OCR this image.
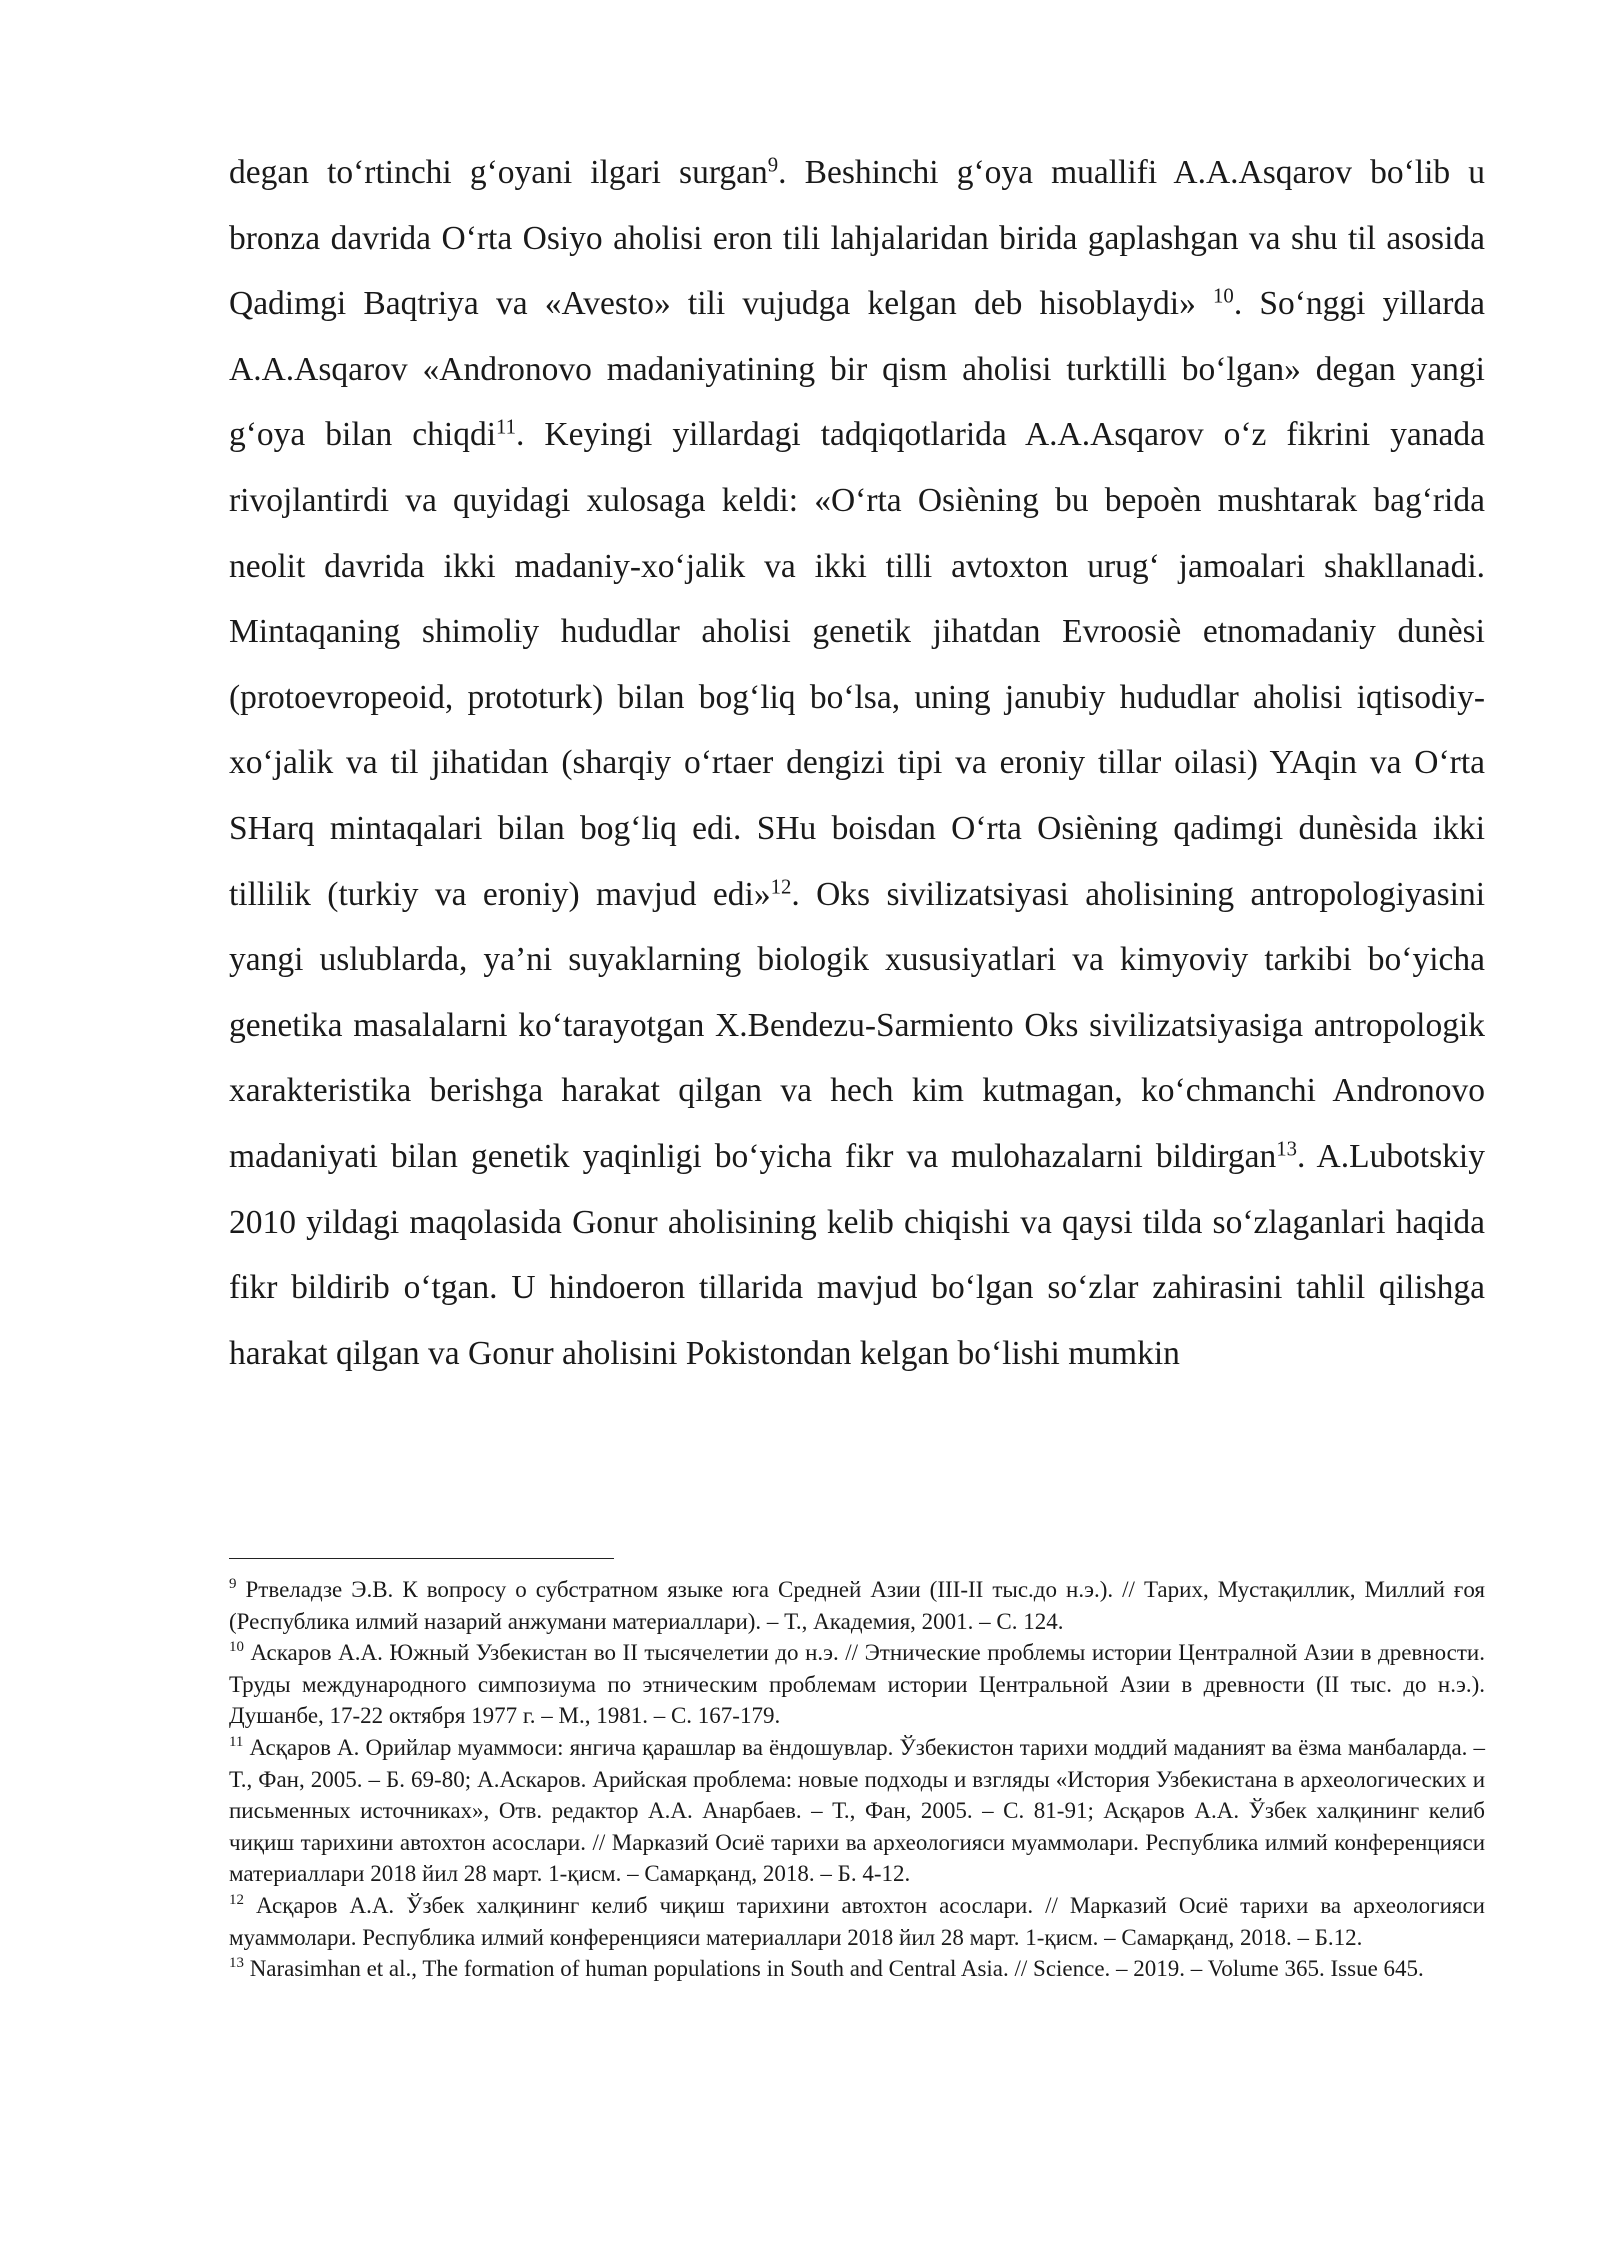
degan to‘rtinchi g‘oyani ilgari surgan$^9$. Beshinchi g‘oya muallifi A.A.Asqarov bo‘lib u bronza davrida O‘rta Osiyo aholisi eron tili lahjalaridan birida gaplashgan va shu til asosida Qadimgi Baqtriya va «Avesto» tili vujudga kelgan deb hisoblaydi» $^{10}$. So‘nggi yillarda A.A.Asqarov «Andronovo madaniyatining bir qism aholisi turktilli bo‘lgan» degan yangi g‘oya bilan chiqdi$^{11}$. Keyingi yillardagi tadqiqotlarida A.A.Asqarov o‘z fikrini yanada rivojlantirdi va quyidagi xulosaga keldi: «O‘rta Osièning bu bepoèn mushtarak bag‘rida neolit davrida ikki madaniy-xo‘jalik va ikki tilli avtoxton urug‘ jamoalari shakllanadi. Mintaqaning shimoliy hududlar aholisi genetik jihatdan Evroosiè etnomadaniy dunèsi (protoevropeoid, prototurk) bilan bog‘liq bo‘lsa, uning janubiy hududlar aholisi iqtisodiy-xo‘jalik va til jihatidan (sharqiy o‘rtaer dengizi tipi va eroniy tillar oilasi) YAqin va O‘rta SHarq mintaqalari bilan bog‘liq edi. SHu boisdan O‘rta Osièning qadimgi dunèsida ikki tillilik (turkiy va eroniy) mavjud edi»$^{12}$. Oks sivilizatsiyasi aholisining antropologiyasini yangi uslublarda, ya’ni suyaklarning biologik xususiyatlari va kimyoviy tarkibi bo‘yicha genetika masalalarni ko‘tarayotgan X.Bendezu-Sarmiento Oks sivilizatsiyasiga antropologik xarakteristika berishga harakat qilgan va hech kim kutmagan, ko‘chmanchi Andronovo madaniyati bilan genetik yaqinligi bo‘yicha fikr va mulohazalarni bildirgan$^{13}$. A.Lubotskiy 2010 yildagi maqolasida Gonur aholisining kelib chiqishi va qaysi tilda so‘zlaganlari haqida fikr bildirib o‘tgan. U hindoeron tillarida mavjud bo‘lgan so‘zlar zahirasini tahlil qilishga harakat qilgan va Gonur aholisini Pokistondan kelgan bo‘lishi mumkin

$^9$ Ртвеладзе Э.В. К вопросу о субстратном языке юга Средней Азии (III-II тыс.до н.э.). // Тарих, Мустақиллик, Миллий ғоя (Республика илмий назарий анжумани материаллари). – Т., Академия, 2001. – С. 124.

$^{10}$ Аскаров А.А. Южный Узбекистан во II тысячелетии до н.э. // Этнические проблемы истории Централной Азии в древности. Труды международного симпозиума по этническим проблемам истории Центральной Азии в древности (II тыс. до н.э.). Душанбе, 17-22 октября 1977 г. – М., 1981. – С. 167-179.

$^{11}$ Асқаров А. Орийлар муаммоси: янгича қарашлар ва ёндошувлар. Ўзбекистон тарихи моддий маданият ва ёзма манбаларда. – Т., Фан, 2005. – Б. 69-80; А.Аскаров. Арийская проблема: новые подходы и взгляды «История Узбекистана в археологических и письменных источниках», Отв. редактор А.А. Анарбаев. – Т., Фан, 2005. – С. 81-91; Асқаров А.А. Ўзбек халқининг келиб чиқиш тарихини автохтон асослари. // Марказий Осиё тарихи ва археологияси муаммолари. Республика илмий конференцияси материаллари 2018 йил 28 март. 1-қисм. – Самарқанд, 2018. – Б. 4-12.

$^{12}$ Асқаров А.А. Ўзбек халқининг келиб чиқиш тарихини автохтон асослари. // Марказий Осиё тарихи ва археологияси муаммолари. Республика илмий конференцияси материаллари 2018 йил 28 март. 1-қисм. – Самарқанд, 2018. – Б.12.

$^{13}$ Narasimhan et al., The formation of human populations in South and Central Asia. // Science. – 2019. – Volume 365. Issue 645.
